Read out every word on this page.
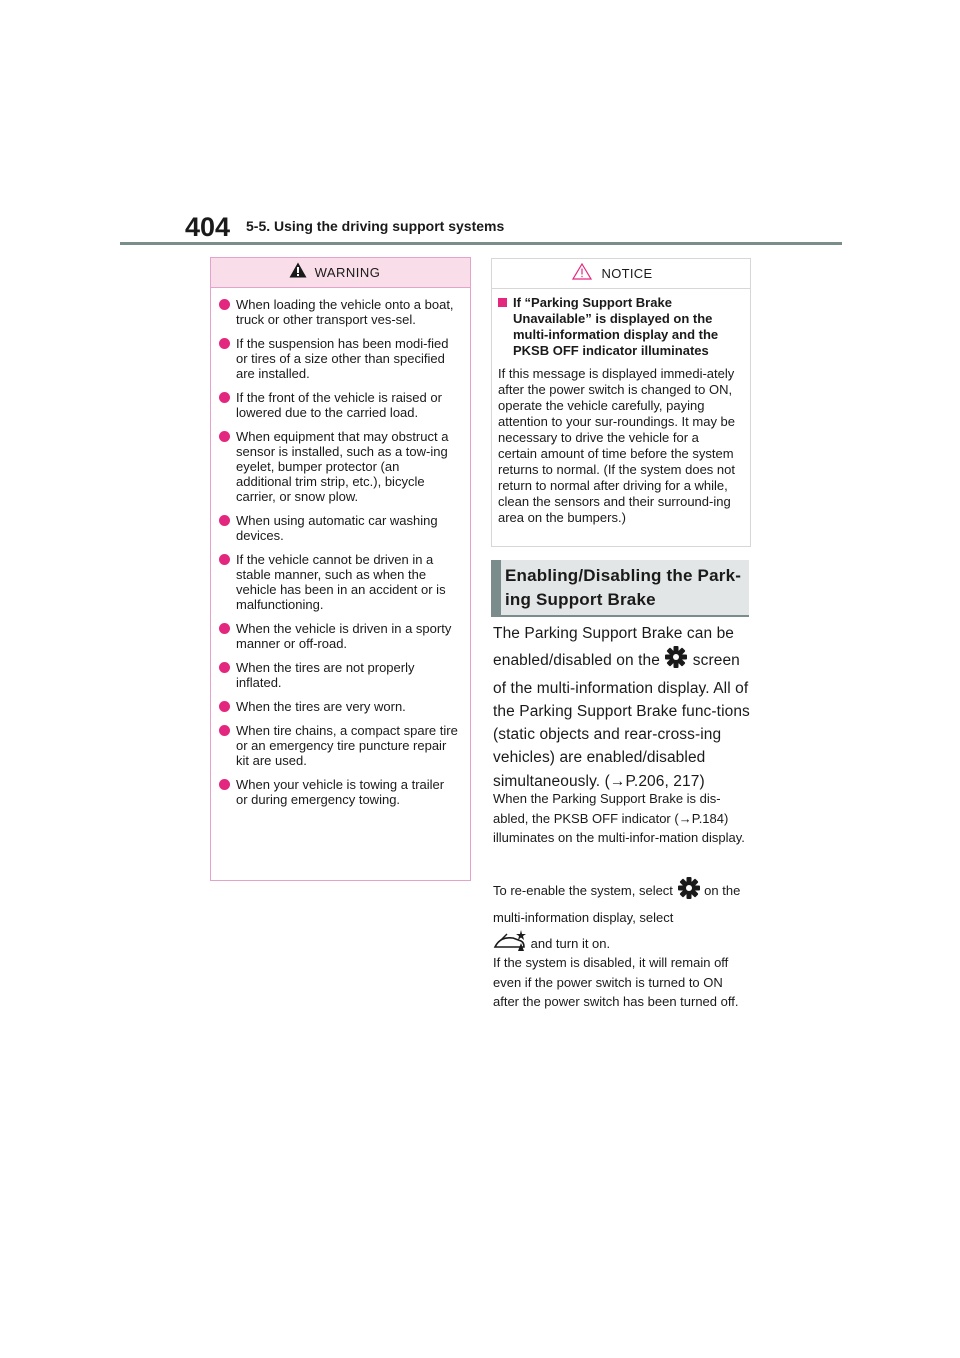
404 5-5. Using the driving support systems
WARNING
When loading the vehicle onto a boat, truck or other transport ves-sel.
If the suspension has been modi-fied or tires of a size other than specified are installed.
If the front of the vehicle is raised or lowered due to the carried load.
When equipment that may obstruct a sensor is installed, such as a tow-ing eyelet, bumper protector (an additional trim strip, etc.), bicycle carrier, or snow plow.
When using automatic car washing devices.
If the vehicle cannot be driven in a stable manner, such as when the vehicle has been in an accident or is malfunctioning.
When the vehicle is driven in a sporty manner or off-road.
When the tires are not properly inflated.
When the tires are very worn.
When tire chains, a compact spare tire or an emergency tire puncture repair kit are used.
When your vehicle is towing a trailer or during emergency towing.
NOTICE
If “Parking Support Brake Unavailable” is displayed on the multi-information display and the PKSB OFF indicator illuminates
If this message is displayed immedi-ately after the power switch is changed to ON, operate the vehicle carefully, paying attention to your sur-roundings. It may be necessary to drive the vehicle for a certain amount of time before the system returns to normal. (If the system does not return to normal after driving for a while, clean the sensors and their surround-ing area on the bumpers.)
Enabling/Disabling the Park-ing Support Brake
The Parking Support Brake can be enabled/disabled on the screen of the multi-information display. All of the Parking Support Brake func-tions (static objects and rear-cross-ing vehicles) are enabled/disabled simultaneously. (→P.206, 217)
When the Parking Support Brake is dis-abled, the PKSB OFF indicator (→P.184) illuminates on the multi-infor-mation display.
To re-enable the system, select on the multi-information display, select
and turn it on.
If the system is disabled, it will remain off even if the power switch is turned to ON after the power switch has been turned off.
